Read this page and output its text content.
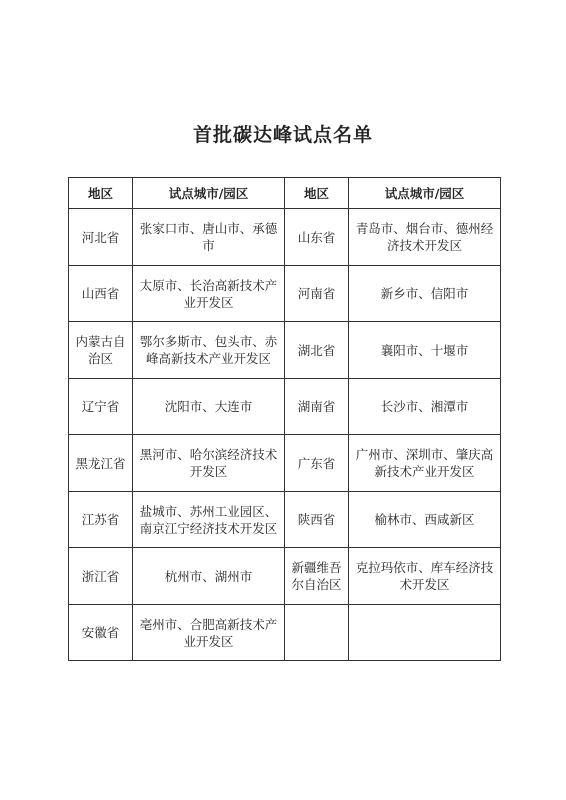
首批碳达峰试点名单
地区	试点城市/园区	地区	试点城市/园区
河北省	张家口市、唐山市、承德市	山东省	青岛市、烟台市、德州经济技术开发区
山西省	太原市、长治高新技术产业开发区	河南省	新乡市、信阳市
内蒙古自治区	鄂尔多斯市、包头市、赤峰高新技术产业开发区	湖北省	襄阳市、十堰市
辽宁省	沈阳市、大连市	湖南省	长沙市、湘潭市
黑龙江省	黑河市、哈尔滨经济技术开发区	广东省	广州市、深圳市、肇庆高新技术产业开发区
江苏省	盐城市、苏州工业园区、南京江宁经济技术开发区	陕西省	榆林市、西咸新区
浙江省	杭州市、湖州市	新疆维吾尔自治区	克拉玛依市、库车经济技术开发区
安徽省	亳州市、合肥高新技术产业开发区		
